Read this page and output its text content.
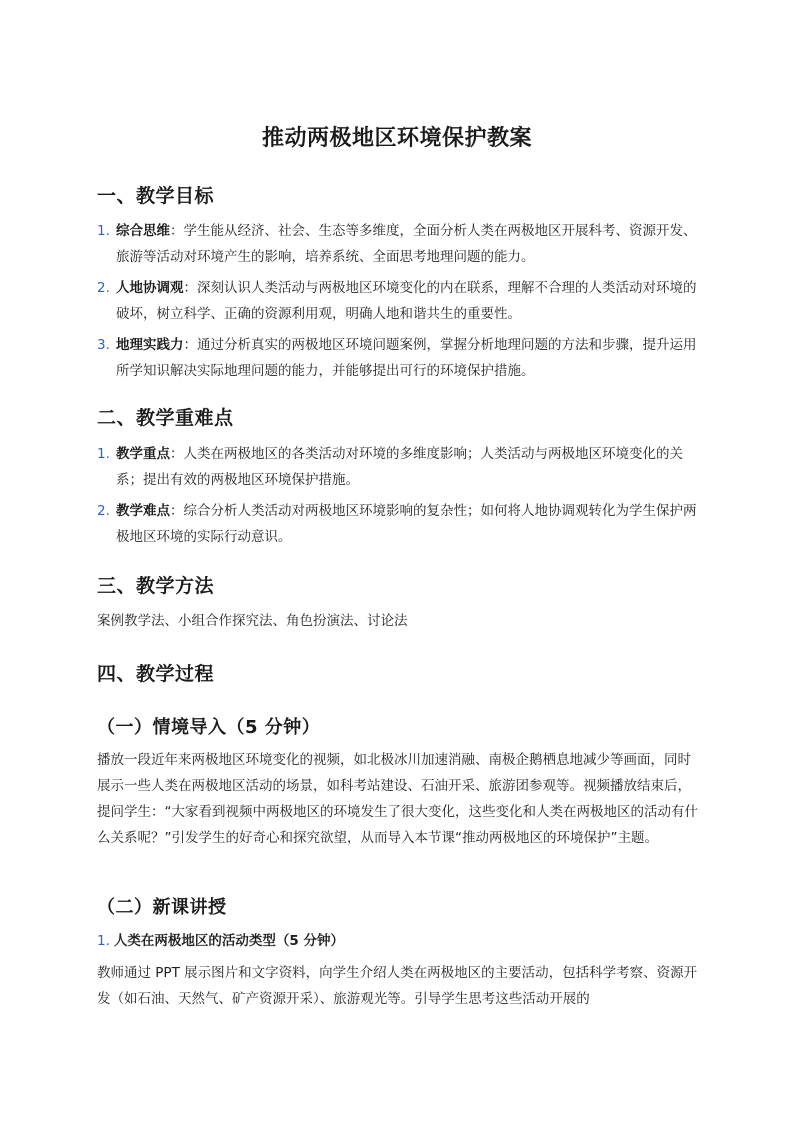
推动两极地区环境保护教案
一、教学目标
1. 综合思维：学生能从经济、社会、生态等多维度，全面分析人类在两极地区开展科考、资源开发、旅游等活动对环境产生的影响，培养系统、全面思考地理问题的能力。
2. 人地协调观：深刻认识人类活动与两极地区环境变化的内在联系，理解不合理的人类活动对环境的破坏，树立科学、正确的资源利用观，明确人地和谐共生的重要性。
3. 地理实践力：通过分析真实的两极地区环境问题案例，掌握分析地理问题的方法和步骤，提升运用所学知识解决实际地理问题的能力，并能够提出可行的环境保护措施。
二、教学重难点
1. 教学重点：人类在两极地区的各类活动对环境的多维度影响；人类活动与两极地区环境变化的关系；提出有效的两极地区环境保护措施。
2. 教学难点：综合分析人类活动对两极地区环境影响的复杂性；如何将人地协调观转化为学生保护两极地区环境的实际行动意识。
三、教学方法

案例教学法、小组合作探究法、角色扮演法、讨论法

四、教学过程
（一）情境导入（5 分钟）

播放一段近年来两极地区环境变化的视频，如北极冰川加速消融、南极企鹅栖息地减少等画面，同时展示一些人类在两极地区活动的场景，如科考站建设、石油开采、旅游团参观等。视频播放结束后，提问学生：“大家看到视频中两极地区的环境发生了很大变化，这些变化和人类在两极地区的活动有什么关系呢？”引发学生的好奇心和探究欲望，从而导入本节课“推动两极地区的环境保护”主题。

（二）新课讲授
1. 人类在两极地区的活动类型（5 分钟）

教师通过 PPT 展示图片和文字资料，向学生介绍人类在两极地区的主要活动，包括科学考察、资源开发（如石油、天然气、矿产资源开采）、旅游观光等。引导学生思考这些活动开展的
